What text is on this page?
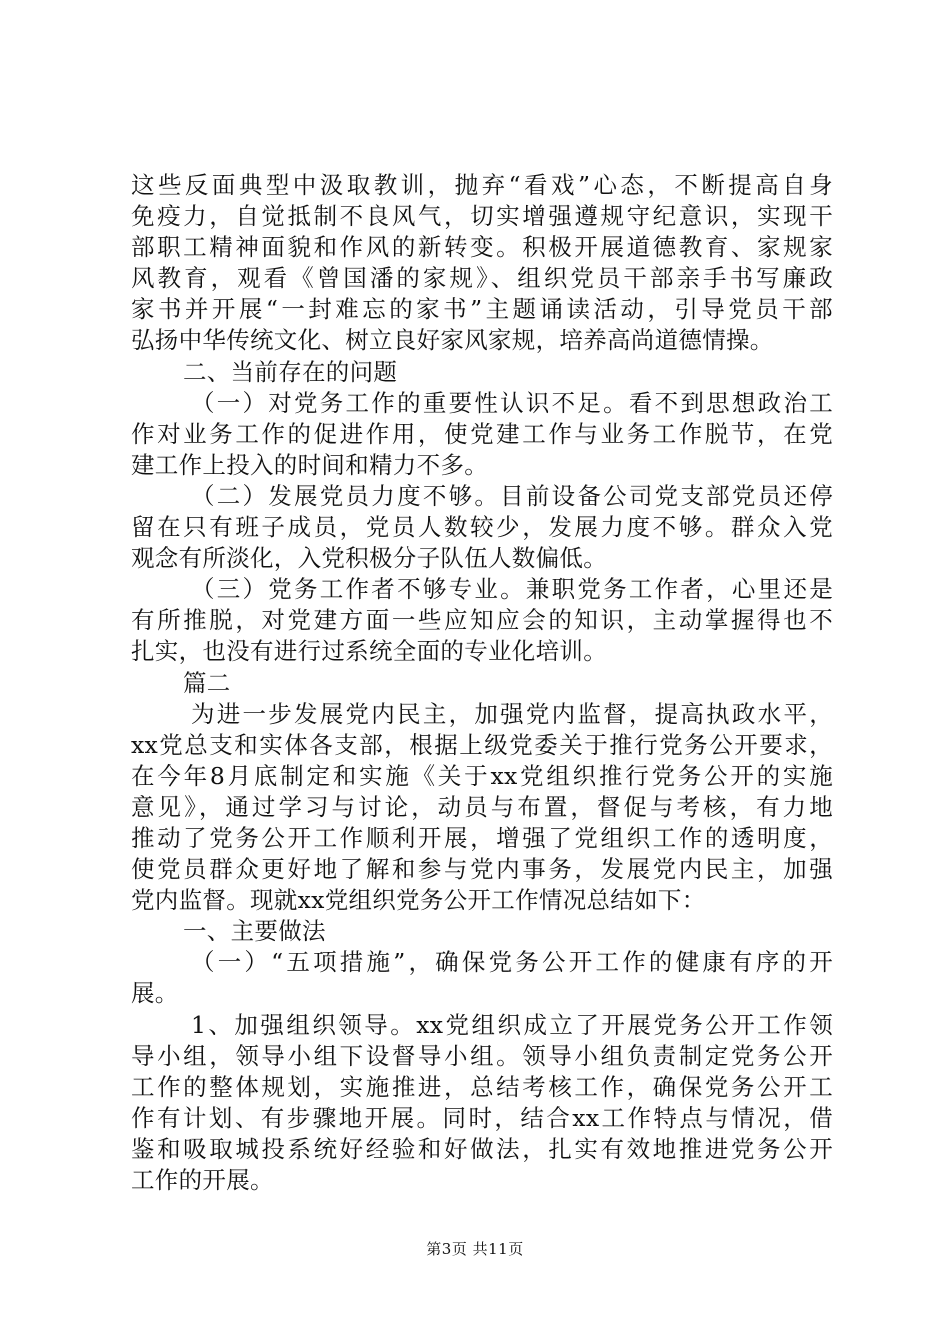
这些反面典型中汲取教训，抛弃“看戏”心态，不断提高自身
免疫力，自觉抵制不良风气，切实增强遵规守纪意识，实现干
部职工精神面貌和作风的新转变。积极开展道德教育、家规家
风教育，观看《曾国潘的家规》、组织党员干部亲手书写廉政
家书并开展“一封难忘的家书”主题诵读活动，引导党员干部
弘扬中华传统文化、树立良好家风家规，培养高尚道德情操。
二、当前存在的问题
（一）对党务工作的重要性认识不足。看不到思想政治工
作对业务工作的促进作用，使党建工作与业务工作脱节，在党
建工作上投入的时间和精力不多。
（二）发展党员力度不够。目前设备公司党支部党员还停
留在只有班子成员，党员人数较少，发展力度不够。群众入党
观念有所淡化，入党积极分子队伍人数偏低。
（三）党务工作者不够专业。兼职党务工作者，心里还是
有所推脱，对党建方面一些应知应会的知识，主动掌握得也不
扎实，也没有进行过系统全面的专业化培训。
篇二
为进一步发展党内民主，加强党内监督，提高执政水平，
xx党总支和实体各支部，根据上级党委关于推行党务公开要求，
在今年8月底制定和实施《关于xx党组织推行党务公开的实施
意见》，通过学习与讨论，动员与布置，督促与考核，有力地
推动了党务公开工作顺利开展，增强了党组织工作的透明度，
使党员群众更好地了解和参与党内事务，发展党内民主，加强
党内监督。现就xx党组织党务公开工作情况总结如下：
一、主要做法
（一）“五项措施”，确保党务公开工作的健康有序的开
展。
1、加强组织领导。xx党组织成立了开展党务公开工作领
导小组，领导小组下设督导小组。领导小组负责制定党务公开
工作的整体规划，实施推进，总结考核工作，确保党务公开工
作有计划、有步骤地开展。同时，结合xx工作特点与情况，借
鉴和吸取城投系统好经验和好做法，扎实有效地推进党务公开
工作的开展。
第3页 共11页
